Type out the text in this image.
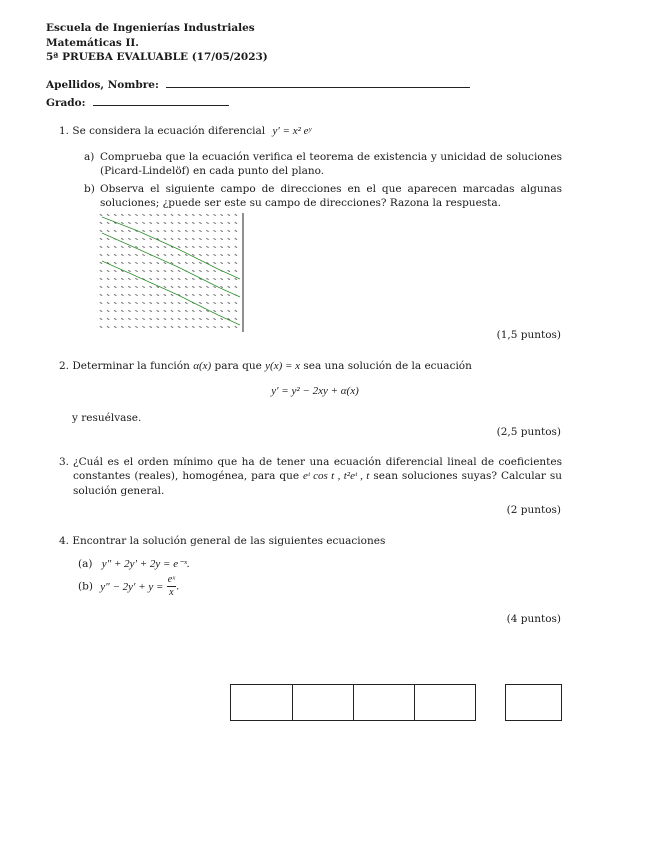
Escuela de Ingenierías Industriales
Matemáticas II.
5ª PRUEBA EVALUABLE (17/05/2023)
Apellidos, Nombre:
Grado:
1. Se considera la ecuación diferencial y′ = x² eʸ
a) Comprueba que la ecuación verifica el teorema de existencia y unicidad de soluciones (Picard-Lindelöf) en cada punto del plano.
b) Observa el siguiente campo de direcciones en el que aparecen marcadas algunas soluciones; ¿puede ser este su campo de direcciones? Razona la respuesta.
(1,5 puntos)
2. Determinar la función α(x) para que y(x) = x sea una solución de la ecuación
y′ = y² − 2xy + α(x)
y resuélvase.
(2,5 puntos)
3. ¿Cuál es el orden mínimo que ha de tener una ecuación diferencial lineal de coeficientes constantes (reales), homogénea, para que eᵗ cos t , t²eᵗ , t sean soluciones suyas? Calcular su solución general.
(2 puntos)
4. Encontrar la solución general de las siguientes ecuaciones
(a) y″ + 2y′ + 2y = e⁻ˣ.
(b) $y'' - 2y' + y = \frac{\text{eˣ}}{x}$ .
(4 puntos)
